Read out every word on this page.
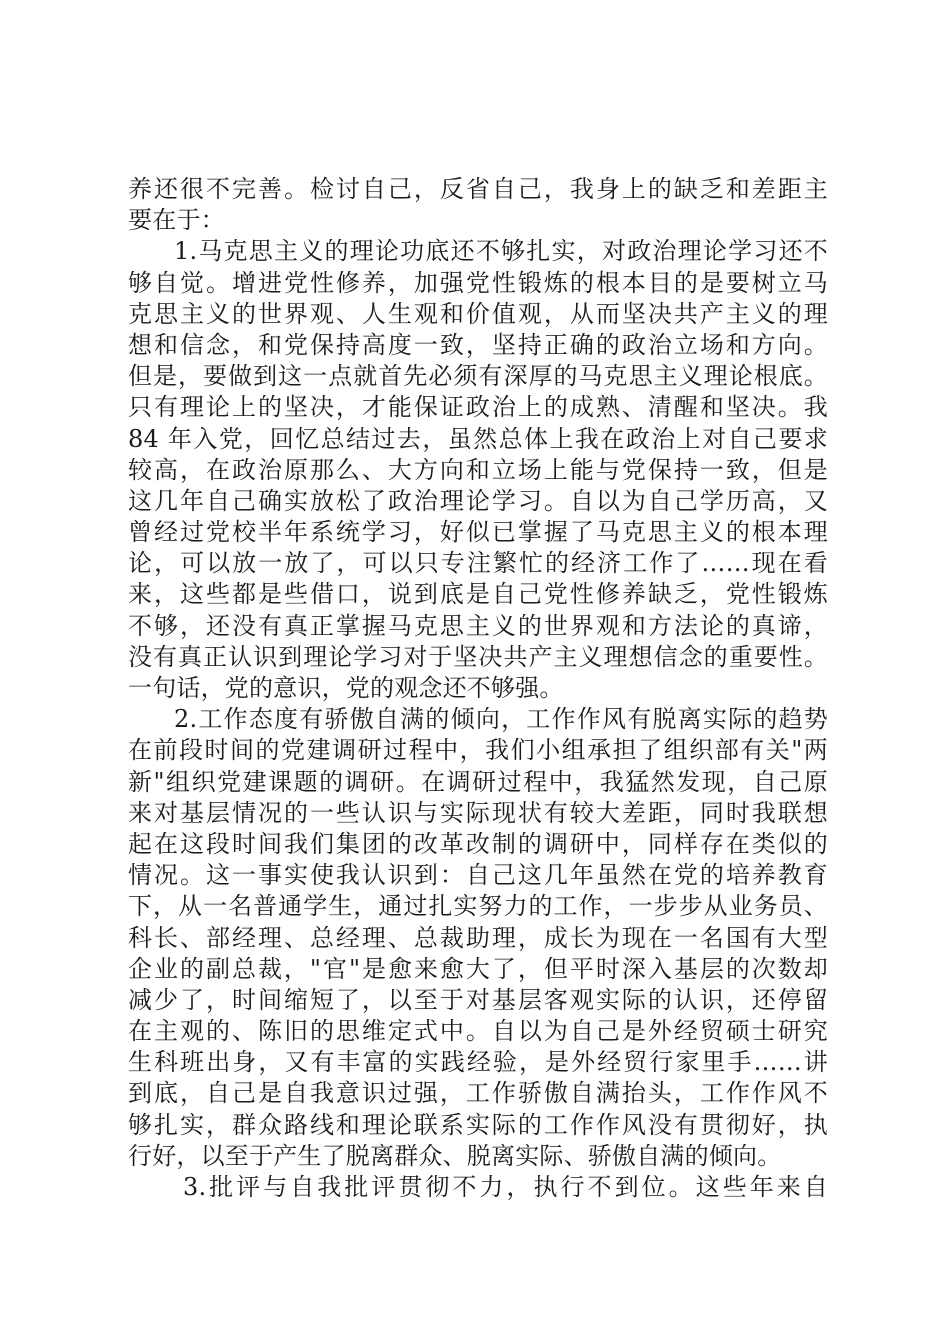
养还很不完善。检讨自己，反省自己，我身上的缺乏和差距主
要在于：
1.马克思主义的理论功底还不够扎实，对政治理论学习还不
够自觉。增进党性修养，加强党性锻炼的根本目的是要树立马
克思主义的世界观、人生观和价值观，从而坚决共产主义的理
想和信念，和党保持高度一致，坚持正确的政治立场和方向。
但是，要做到这一点就首先必须有深厚的马克思主义理论根底。
只有理论上的坚决，才能保证政治上的成熟、清醒和坚决。我
84 年入党，回忆总结过去，虽然总体上我在政治上对自己要求
较高，在政治原那么、大方向和立场上能与党保持一致，但是
这几年自己确实放松了政治理论学习。自以为自己学历高，又
曾经过党校半年系统学习，好似已掌握了马克思主义的根本理
论，可以放一放了，可以只专注繁忙的经济工作了……现在看
来，这些都是些借口，说到底是自己党性修养缺乏，党性锻炼
不够，还没有真正掌握马克思主义的世界观和方法论的真谛，
没有真正认识到理论学习对于坚决共产主义理想信念的重要性。
一句话，党的意识，党的观念还不够强。
2.工作态度有骄傲自满的倾向，工作作风有脱离实际的趋势
在前段时间的党建调研过程中，我们小组承担了组织部有关"两
新"组织党建课题的调研。在调研过程中，我猛然发现，自己原
来对基层情况的一些认识与实际现状有较大差距，同时我联想
起在这段时间我们集团的改革改制的调研中，同样存在类似的
情况。这一事实使我认识到：自己这几年虽然在党的培养教育
下，从一名普通学生，通过扎实努力的工作，一步步从业务员、
科长、部经理、总经理、总裁助理，成长为现在一名国有大型
企业的副总裁，"官"是愈来愈大了，但平时深入基层的次数却
减少了，时间缩短了，以至于对基层客观实际的认识，还停留
在主观的、陈旧的思维定式中。自以为自己是外经贸硕士研究
生科班出身，又有丰富的实践经验，是外经贸行家里手……讲
到底，自己是自我意识过强，工作骄傲自满抬头，工作作风不
够扎实，群众路线和理论联系实际的工作作风没有贯彻好，执
行好，以至于产生了脱离群众、脱离实际、骄傲自满的倾向。
3.批评与自我批评贯彻不力，执行不到位。这些年来自
